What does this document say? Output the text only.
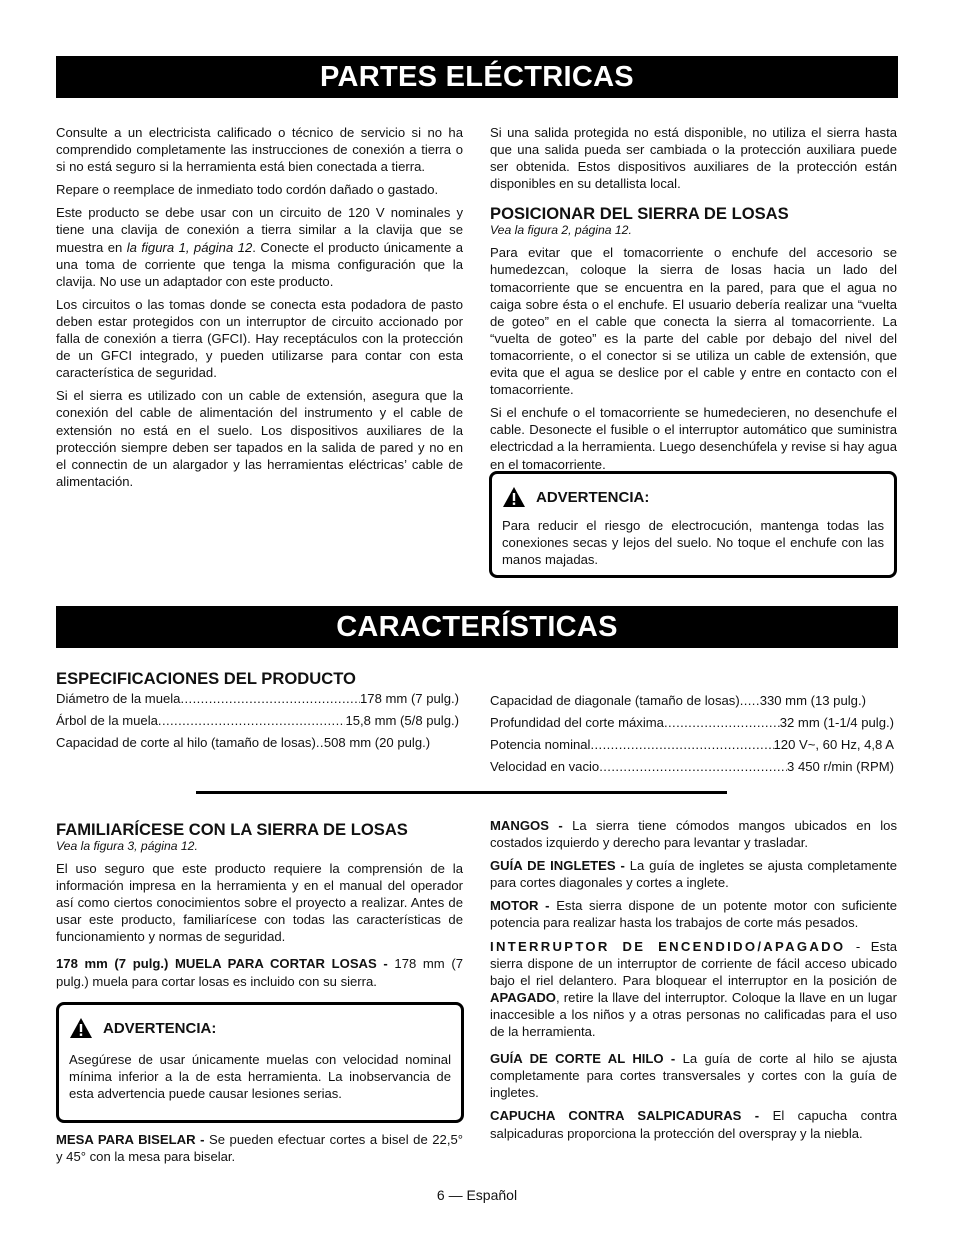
PARTES ELÉCTRICAS

Consulte a un electricista calificado o técnico de servicio si no ha comprendido completamente las instrucciones de conexión a tierra o si no está seguro si la herramienta está bien conectada a tierra.

Repare o reemplace de inmediato todo cordón dañado o gastado.

Este producto se debe usar con un circuito de 120 V nominales y tiene una clavija de conexión a tierra similar a la clavija que se muestra en la figura 1, página 12. Conecte el producto únicamente a una toma de corriente que tenga la misma configuración que la clavija. No use un adaptador con este producto.

Los circuitos o las tomas donde se conecta esta podadora de pasto deben estar protegidos con un interruptor de circuito accionado por falla de conexión a tierra (GFCI). Hay receptáculos con la protección de un GFCI integrado, y pueden utilizarse para contar con esta característica de seguridad.

Si el sierra es utilizado con un cable de extensión, asegura que la conexión del cable de alimentación del instrumento y el cable de extensión no está en el suelo. Los dispositivos auxiliares de la protección siempre deben ser tapados en la salida de pared y no en el connectin de un alargador y las herramientas eléctricas’ cable de alimentación.

Si una salida protegida no está disponible, no utiliza el sierra hasta que una salida pueda ser cambiada o la protección auxiliara puede ser obtenida. Estos dispositivos auxiliares de la protección están disponibles en su detallista local.

POSICIONAR DEL SIERRA DE LOSAS
Vea la figura 2, página 12.

Para evitar que el tomacorriente o enchufe del accesorio se humedezcan, coloque la sierra de losas hacia un lado del tomacorriente que se encuentra en la pared, para que el agua no caiga sobre ésta o el enchufe. El usuario debería realizar una “vuelta de goteo” en el cable que conecta la sierra al tomacorriente. La “vuelta de goteo” es la parte del cable por debajo del nivel del tomacorriente, o el conector si se utiliza un cable de extensión, que evita que el agua se deslice por el cable y entre en contacto con el tomacorriente.

Si el enchufe o el tomacorriente se humedecieren, no desenchufe el cable. Desonecte el fusible o el interruptor automático que suministra electricdad a la herramienta. Luego desenchúfela y revise si hay agua en el tomacorriente.

ADVERTENCIA:
Para reducir el riesgo de electrocución, mantenga todas las conexiones secas y lejos del suelo. No toque el enchufe con las manos majadas.
CARACTERÍSTICAS
ESPECIFICACIONES DEL PRODUCTO
Diámetro de la muela .....	178 mm (7 pulg.)
Árbol de la muela .....	15,8 mm (5/8 pulg.)
Capacidad de corte al hilo (tamaño de losas) ..... 508 mm (20 pulg.)
Capacidad de diagonale (tamaño de losas) ..... 330 mm (13 pulg.)
Profundidad del corte máxima .....	32 mm (1-1/4 pulg.)
Potencia nominal .....	120 V~, 60 Hz, 4,8 A
Velocidad en vacio .....	3 450 r/min (RPM)
FAMILIARÍCESE CON LA SIERRA DE LOSAS
Vea la figura 3, página 12.

El uso seguro que este producto requiere la comprensión de la información impresa en la herramienta y en el manual del operador así como ciertos conocimientos sobre el proyecto a realizar. Antes de usar este producto, familiarícese con todas las características de funcionamiento y normas de seguridad.

178 mm (7 pulg.) MUELA PARA CORTAR LOSAS - 178 mm (7 pulg.) muela para cortar losas es incluido con su sierra.

ADVERTENCIA:
Asegúrese de usar únicamente muelas con velocidad nominal mínima inferior a la de esta herramienta. La inobservancia de esta advertencia puede causar lesiones serias.

MESA PARA BISELAR - Se pueden efectuar cortes a bisel de 22,5° y 45° con la mesa para biselar.

MANGOS - La sierra tiene cómodos mangos ubicados en los costados izquierdo y derecho para levantar y trasladar.

GUÍA DE INGLETES - La guía de ingletes se ajusta completamente para cortes diagonales y cortes a inglete.

MOTOR - Esta sierra dispone de un potente motor con suficiente potencia para realizar hasta los trabajos de corte más pesados.

INTERRUPTOR DE ENCENDIDO/APAGADO - Esta sierra dispone de un interruptor de corriente de fácil acceso ubicado bajo el riel delantero. Para bloquear el interruptor en la posición de APAGADO, retire la llave del interruptor. Coloque la llave en un lugar inaccesible a los niños y a otras personas no calificadas para el uso de la herramienta.

GUÍA DE CORTE AL HILO - La guía de corte al hilo se ajusta completamente para cortes transversales y cortes con la guía de ingletes.

CAPUCHA CONTRA SALPICADURAS - El capucha contra salpicaduras proporciona la protección del overspray y la niebla.

6 — Español
